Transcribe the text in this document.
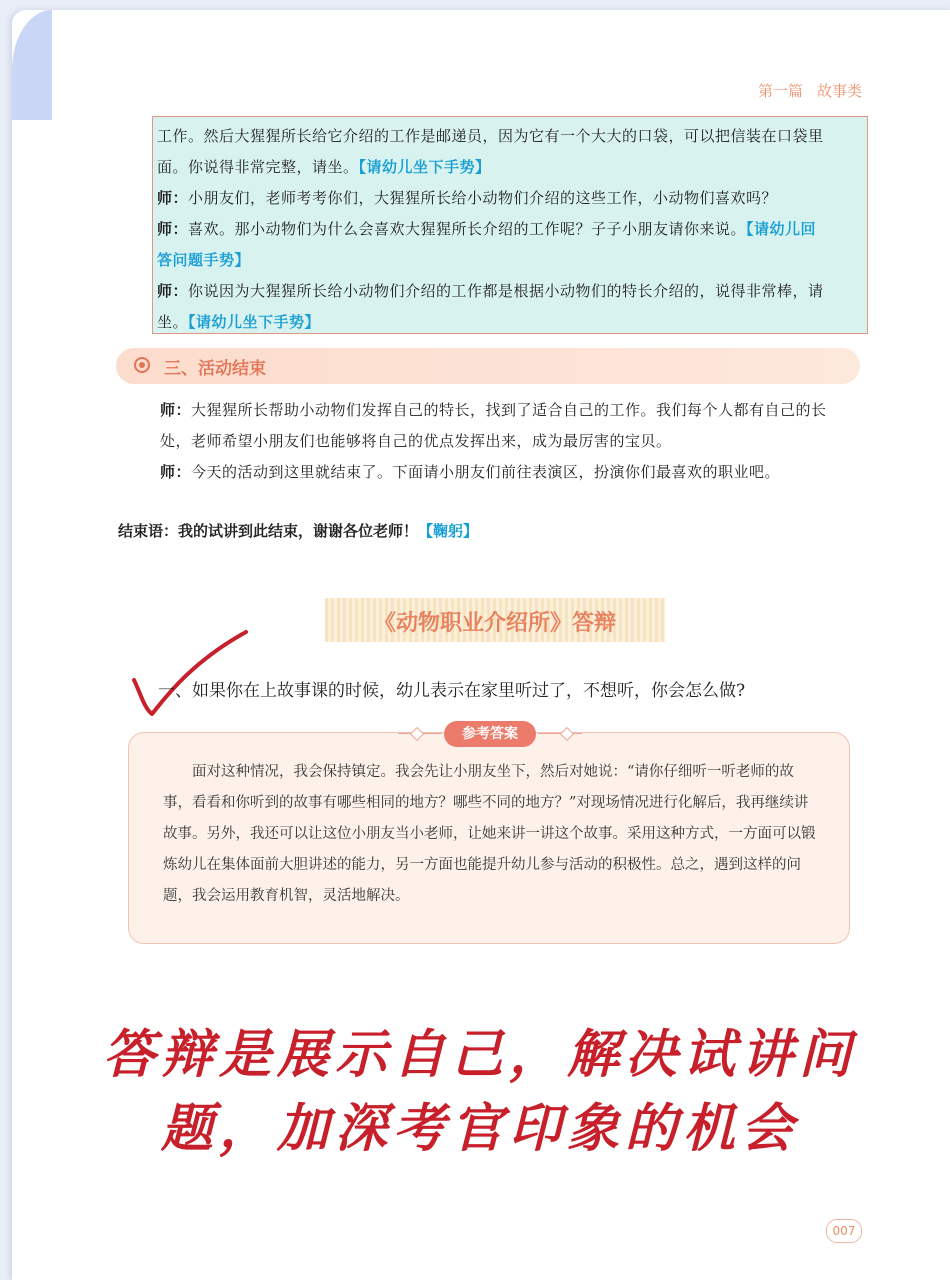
第一篇 故事类
工作。然后大猩猩所长给它介绍的工作是邮递员，因为它有一个大大的口袋，可以把信装在口袋里
面。你说得非常完整，请坐。【请幼儿坐下手势】
师：小朋友们，老师考考你们，大猩猩所长给小动物们介绍的这些工作，小动物们喜欢吗？
师：喜欢。那小动物们为什么会喜欢大猩猩所长介绍的工作呢？子子小朋友请你来说。【请幼儿回
答问题手势】
师：你说因为大猩猩所长给小动物们介绍的工作都是根据小动物们的特长介绍的，说得非常棒，请
坐。【请幼儿坐下手势】
三、活动结束
师：大猩猩所长帮助小动物们发挥自己的特长，找到了适合自己的工作。我们每个人都有自己的长
处，老师希望小朋友们也能够将自己的优点发挥出来，成为最厉害的宝贝。
师：今天的活动到这里就结束了。下面请小朋友们前往表演区，扮演你们最喜欢的职业吧。
结束语：我的试讲到此结束，谢谢各位老师！【鞠躬】
《动物职业介绍所》答辩
一、如果你在上故事课的时候，幼儿表示在家里听过了，不想听，你会怎么做?
面对这种情况，我会保持镇定。我会先让小朋友坐下，然后对她说：“请你仔细听一听老师的故事，看看和你听到的故事有哪些相同的地方？哪些不同的地方？”对现场情况进行化解后，我再继续讲故事。另外，我还可以让这位小朋友当小老师，让她来讲一讲这个故事。采用这种方式，一方面可以锻炼幼儿在集体面前大胆讲述的能力，另一方面也能提升幼儿参与活动的积极性。总之，遇到这样的问题，我会运用教育机智，灵活地解决。
参考答案
答辩是展示自己，解决试讲问
题，加深考官印象的机会
007
